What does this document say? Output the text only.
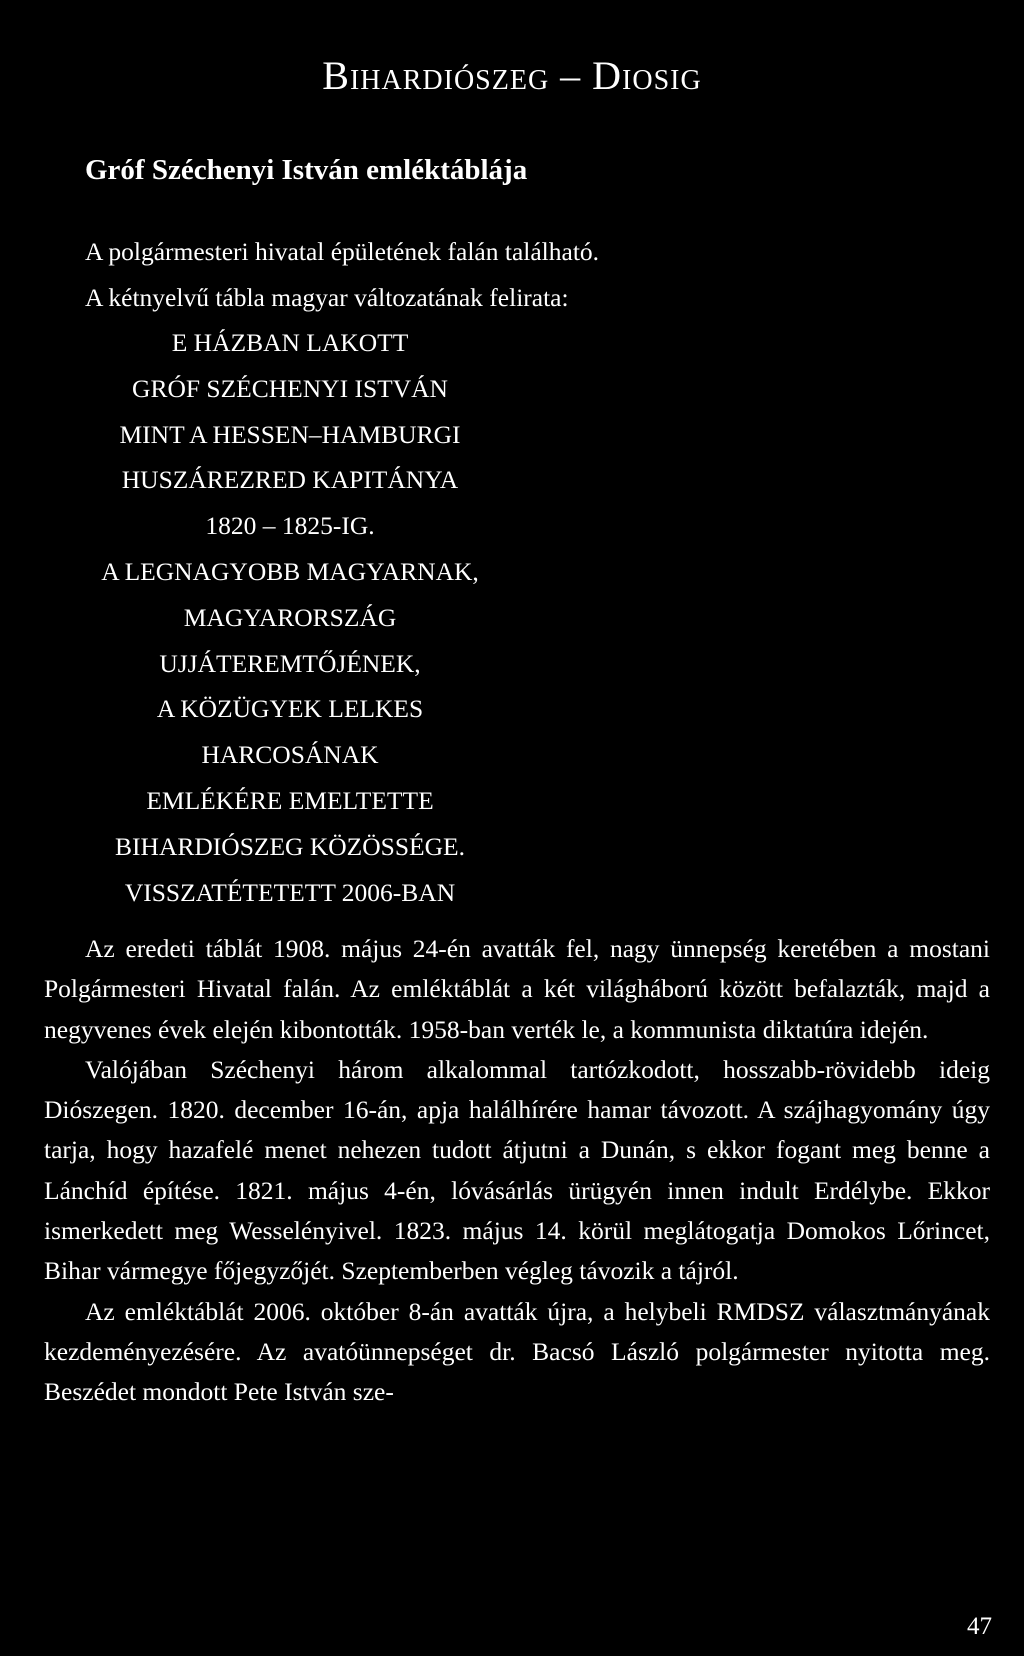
Bihardiószeg – Diosig
Gróf Széchenyi István emléktáblája

A polgármesteri hivatal épületének falán található.

A kétnyelvű tábla magyar változatának felirata:

E HÁZBAN LAKOTT
GRÓF SZÉCHENYI ISTVÁN
MINT A HESSEN–HAMBURGI
HUSZÁREZRED KAPITÁNYA
1820 – 1825-IG.
A LEGNAGYOBB MAGYARNAK,
MAGYARORSZÁG
UJJÁTEREMTŐJÉNEK,
A KÖZÜGYEK LELKES
HARCOSÁNAK
EMLÉKÉRE EMELTETTE
BIHARDIÓSZEG KÖZÖSSÉGE.
VISSZATÉTETETT 2006-BAN

Az eredeti táblát 1908. május 24-én avatták fel, nagy ünnepség keretében a mostani Polgármesteri Hivatal falán. Az emléktáblát a két világháború között befalazták, majd a negyvenes évek elején kibontották. 1958-ban verték le, a kommunista diktatúra idején.

Valójában Széchenyi három alkalommal tartózkodott, hosszabb-rövidebb ideig Diószegen. 1820. december 16-án, apja halálhírére hamar távozott. A szájhagyomány úgy tarja, hogy hazafelé menet nehezen tudott átjutni a Dunán, s ekkor fogant meg benne a Lánchíd építése. 1821. május 4-én, lóvásárlás ürügyén innen indult Erdélybe. Ekkor ismerkedett meg Wesselényivel. 1823. május 14. körül meglátogatja Domokos Lőrincet, Bihar vármegye főjegyzőjét. Szeptemberben végleg távozik a tájról.

Az emléktáblát 2006. október 8-án avatták újra, a helybeli RMDSZ választmányának kezdeményezésére. Az avatóünnepséget dr. Bacsó László polgármester nyitotta meg. Beszédet mondott Pete István sze-

47
